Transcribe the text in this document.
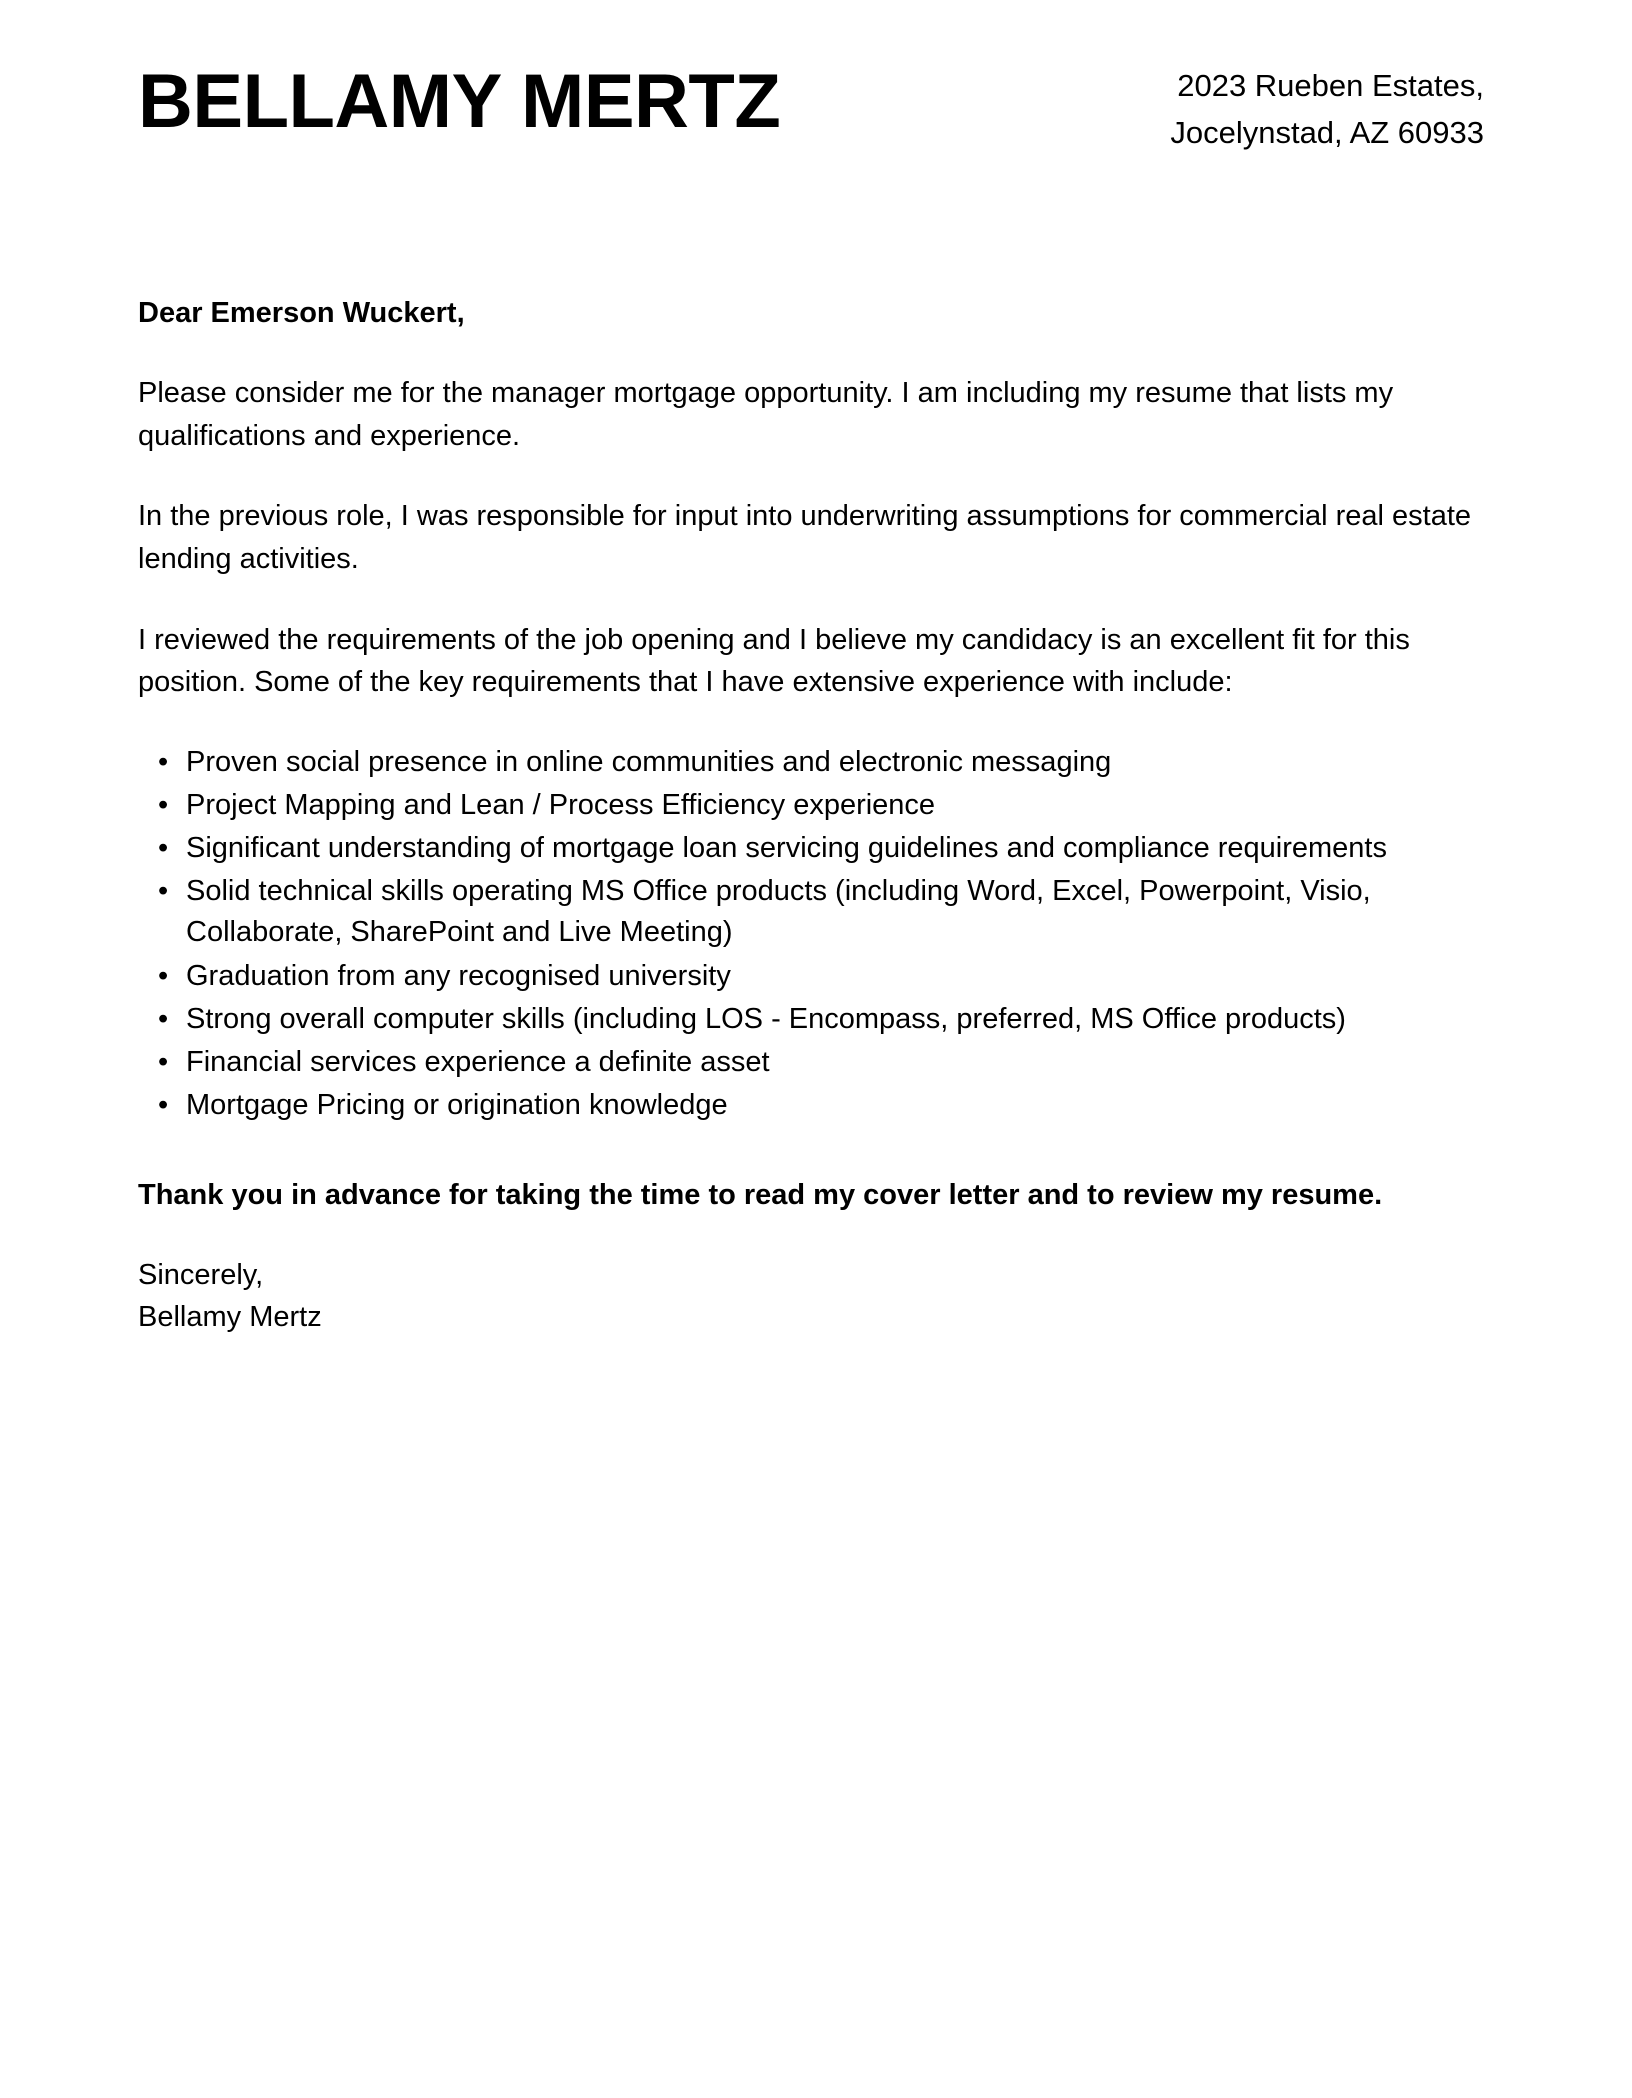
BELLAMY MERTZ	2023 Rueben Estates,
Jocelynstad, AZ 60933

Dear Emerson Wuckert,

Please consider me for the manager mortgage opportunity. I am including my resume that lists my qualifications and experience.

In the previous role, I was responsible for input into underwriting assumptions for commercial real estate lending activities.

I reviewed the requirements of the job opening and I believe my candidacy is an excellent fit for this position. Some of the key requirements that I have extensive experience with include:

• Proven social presence in online communities and electronic messaging
• Project Mapping and Lean / Process Efficiency experience
• Significant understanding of mortgage loan servicing guidelines and compliance requirements
• Solid technical skills operating MS Office products (including Word, Excel, Powerpoint, Visio, Collaborate, SharePoint and Live Meeting)
• Graduation from any recognised university
• Strong overall computer skills (including LOS - Encompass, preferred, MS Office products)
• Financial services experience a definite asset
• Mortgage Pricing or origination knowledge

Thank you in advance for taking the time to read my cover letter and to review my resume.

Sincerely,
Bellamy Mertz
